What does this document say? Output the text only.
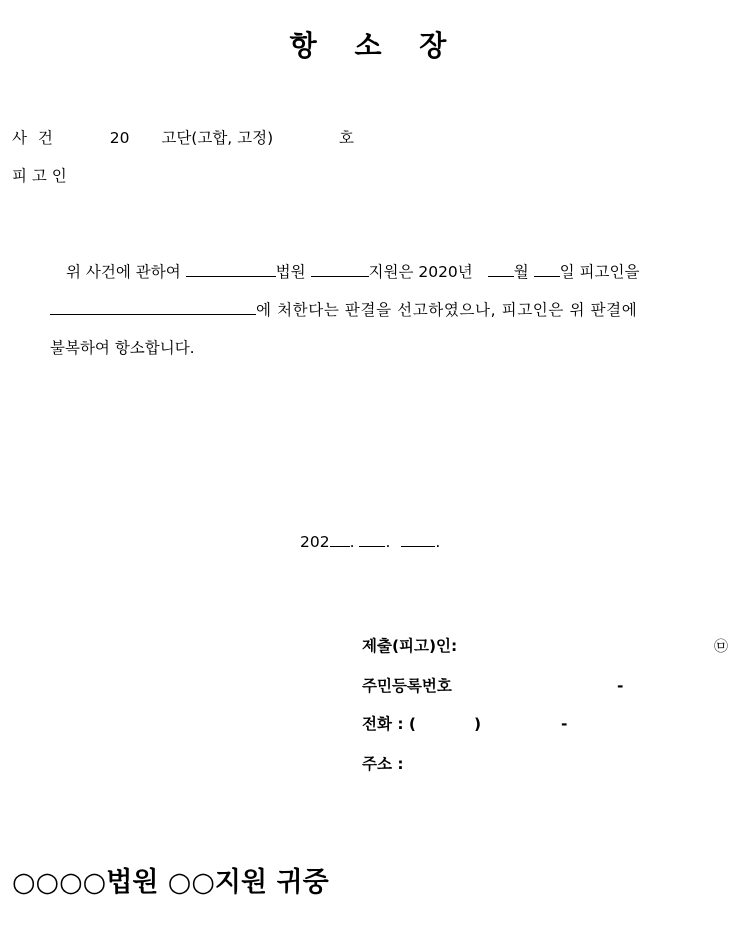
항 소 장
사 건	20 고단(고합, 고정)	호
피 고 인
위 사건에 관하여	법원	지원은 2020년	월 일 피고인을
에 처한다는 판결을 선고하였으나, 피고인은 위 판결에
불복하여 항소합니다.
202 . .	.
제출(피고)인:	㉤
주민등록번호	-
전화 : (	)	-
주소 :
○○○○법원 ○○지원 귀중
